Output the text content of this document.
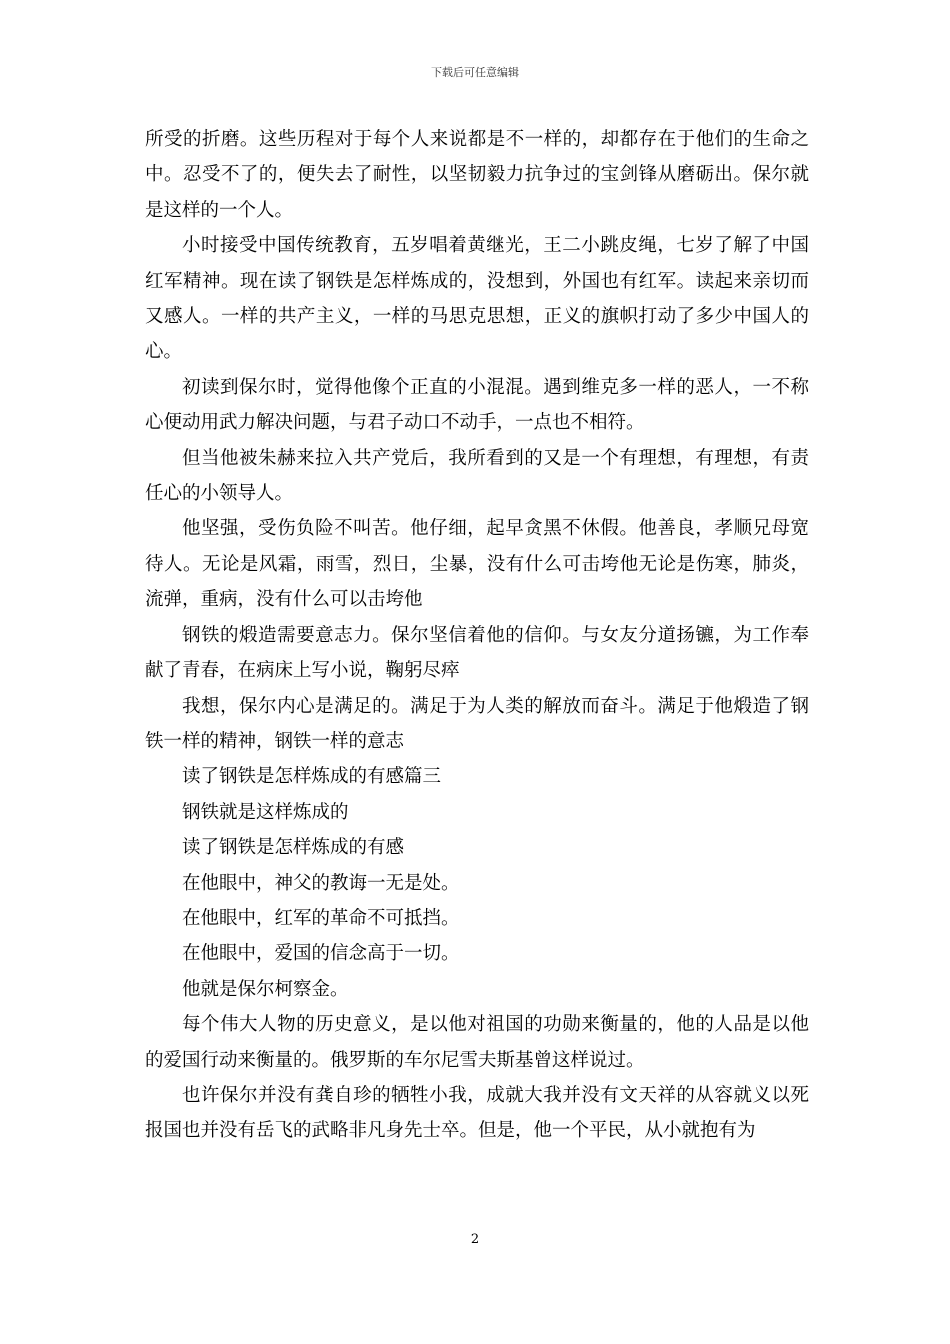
下载后可任意编辑

所受的折磨。这些历程对于每个人来说都是不一样的，却都存在于他们的生命之中。忍受不了的，便失去了耐性，以坚韧毅力抗争过的宝剑锋从磨砺出。保尔就是这样的一个人。

小时接受中国传统教育，五岁唱着黄继光，王二小跳皮绳，七岁了解了中国红军精神。现在读了钢铁是怎样炼成的，没想到，外国也有红军。读起来亲切而又感人。一样的共产主义，一样的马思克思想，正义的旗帜打动了多少中国人的心。

初读到保尔时，觉得他像个正直的小混混。遇到维克多一样的恶人，一不称心便动用武力解决问题，与君子动口不动手，一点也不相符。

但当他被朱赫来拉入共产党后，我所看到的又是一个有理想，有理想，有责任心的小领导人。

他坚强，受伤负险不叫苦。他仔细，起早贪黑不休假。他善良，孝顺兄母宽待人。无论是风霜，雨雪，烈日，尘暴，没有什么可击垮他无论是伤寒，肺炎，流弹，重病，没有什么可以击垮他

钢铁的煅造需要意志力。保尔坚信着他的信仰。与女友分道扬镳，为工作奉献了青春，在病床上写小说，鞠躬尽瘁

我想，保尔内心是满足的。满足于为人类的解放而奋斗。满足于他煅造了钢铁一样的精神，钢铁一样的意志

读了钢铁是怎样炼成的有感篇三

钢铁就是这样炼成的

读了钢铁是怎样炼成的有感

在他眼中，神父的教诲一无是处。

在他眼中，红军的革命不可抵挡。

在他眼中，爱国的信念高于一切。

他就是保尔柯察金。

每个伟大人物的历史意义，是以他对祖国的功勋来衡量的，他的人品是以他的爱国行动来衡量的。俄罗斯的车尔尼雪夫斯基曾这样说过。

也许保尔并没有龚自珍的牺牲小我，成就大我并没有文天祥的从容就义以死报国也并没有岳飞的武略非凡身先士卒。但是，他一个平民，从小就抱有为

2
